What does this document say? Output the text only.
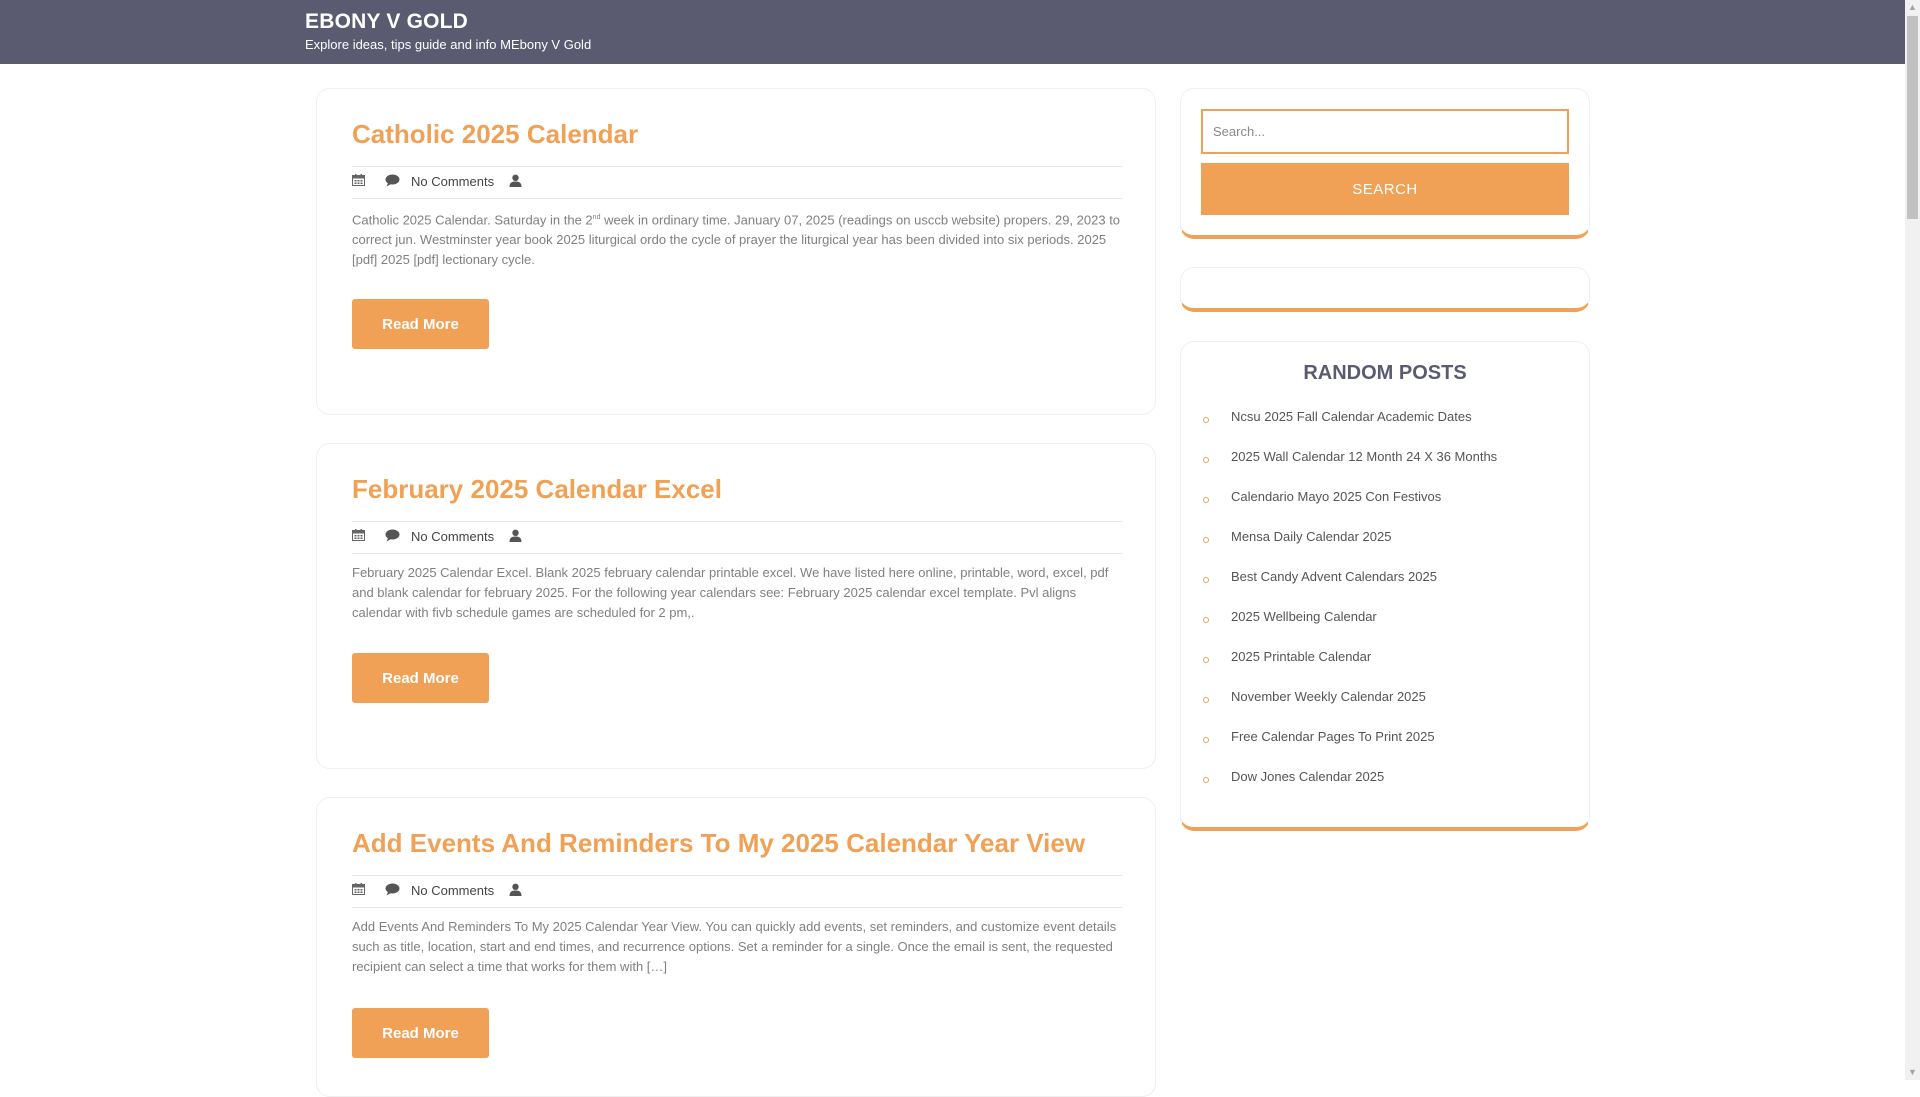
EBONY V GOLD

Explore ideas, tips guide and info MEbony V Gold

▲
▼
Catholic 2025 Calendar
No Comments

Catholic 2025 Calendar. Saturday in the 2nd week in ordinary time. January 07, 2025 (readings on usccb website) propers. 29, 2023 to correct jun. Westminster year book 2025 liturgical ordo the cycle of prayer the liturgical year has been divided into six periods. 2025 [pdf] 2025 [pdf] lectionary cycle.

Read More
February 2025 Calendar Excel
No Comments

February 2025 Calendar Excel. Blank 2025 february calendar printable excel. We have listed here online, printable, word, excel, pdf and blank calendar for february 2025. For the following year calendars see: February 2025 calendar excel template. Pvl aligns calendar with fivb schedule games are scheduled for 2 pm,.

Read More
Add Events And Reminders To My 2025 Calendar Year View
No Comments

Add Events And Reminders To My 2025 Calendar Year View. You can quickly add events, set reminders, and customize event details such as title, location, start and end times, and recurrence options. Set a reminder for a single. Once the email is sent, the requested recipient can select a time that works for them with […]

Read More
Search...
SEARCH
RANDOM POSTS
Ncsu 2025 Fall Calendar Academic Dates
2025 Wall Calendar 12 Month 24 X 36 Months
Calendario Mayo 2025 Con Festivos
Mensa Daily Calendar 2025
Best Candy Advent Calendars 2025
2025 Wellbeing Calendar
2025 Printable Calendar
November Weekly Calendar 2025
Free Calendar Pages To Print 2025
Dow Jones Calendar 2025
